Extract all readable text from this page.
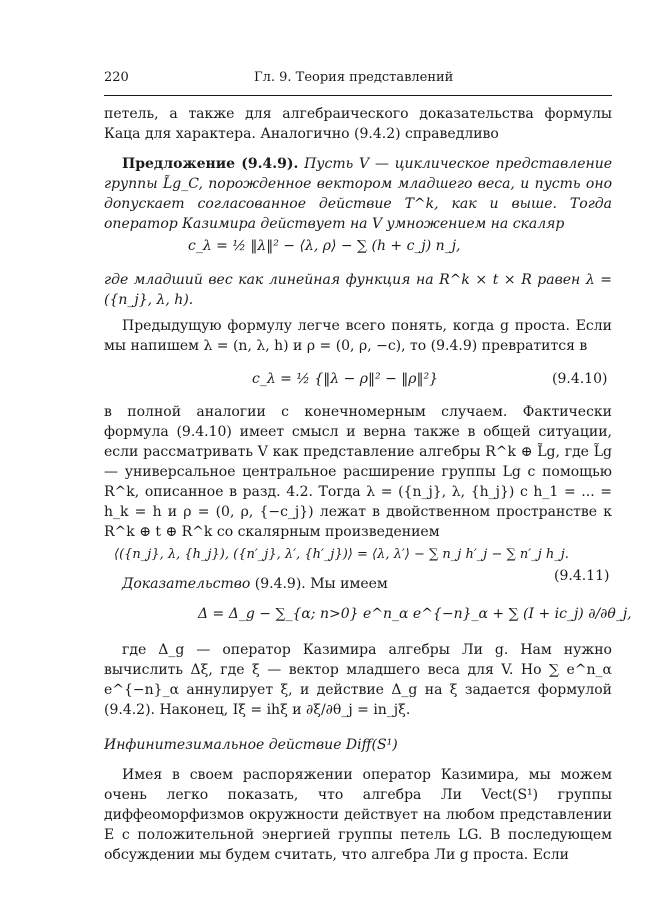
220	Гл. 9. Теория представлений

петель, а также для алгебраического доказательства формулы Каца для характера. Аналогично (9.4.2) справедливо

Предложение (9.4.9). Пусть V — циклическое представление группы L̃g_C, порожденное вектором младшего веса, и пусть оно допускает согласованное действие T^k, как и выше. Тогда оператор Казимира действует на V умножением на скаляр

c_λ = ½ ‖λ‖² − ⟨λ, ρ⟩ − ∑ (h + c_j) n_j,

где младший вес как линейная функция на R^k × t × R равен λ = ({n_j}, λ, h).

Предыдущую формулу легче всего понять, когда g проста. Если мы напишем λ = (n, λ, h) и ρ = (0, ρ, −c), то (9.4.9) превратится в

c_λ = ½ {‖λ − ρ‖² − ‖ρ‖²}	(9.4.10)

в полной аналогии с конечномерным случаем. Фактически формула (9.4.10) имеет смысл и верна также в общей ситуации, если рассматривать V как представление алгебры R^k ⊕ L̃g, где L̃g — универсальное центральное расширение группы Lg с помощью R^k, описанное в разд. 4.2. Тогда λ = ({n_j}, λ, {h_j}) с h_1 = ... = h_k = h и ρ = (0, ρ, {−c_j}) лежат в двойственном пространстве к R^k ⊕ t ⊕ R^k со скалярным произведением

⟨({n_j}, λ, {h_j}), ({n′_j}, λ′, {h′_j})⟩ = ⟨λ, λ′⟩ − ∑ n_j h′_j − ∑ n′_j h_j.
(9.4.11)

Доказательство (9.4.9). Мы имеем

Δ = Δ_g − ∑_{α; n>0} e^n_α e^{−n}_α + ∑ (I + ic_j) ∂/∂θ_j,

где Δ_g — оператор Казимира алгебры Ли g. Нам нужно вычислить Δξ, где ξ — вектор младшего веса для V. Но ∑ e^n_α e^{−n}_α аннулирует ξ, и действие Δ_g на ξ задается формулой (9.4.2). Наконец, Iξ = ihξ и ∂ξ/∂θ_j = in_jξ.

Инфинитезимальное действие Diff(S¹)

Имея в своем распоряжении оператор Казимира, мы можем очень легко показать, что алгебра Ли Vect(S¹) группы диффеоморфизмов окружности действует на любом представлении E с положительной энергией группы петель LG. В последующем обсуждении мы будем считать, что алгебра Ли g проста. Если
